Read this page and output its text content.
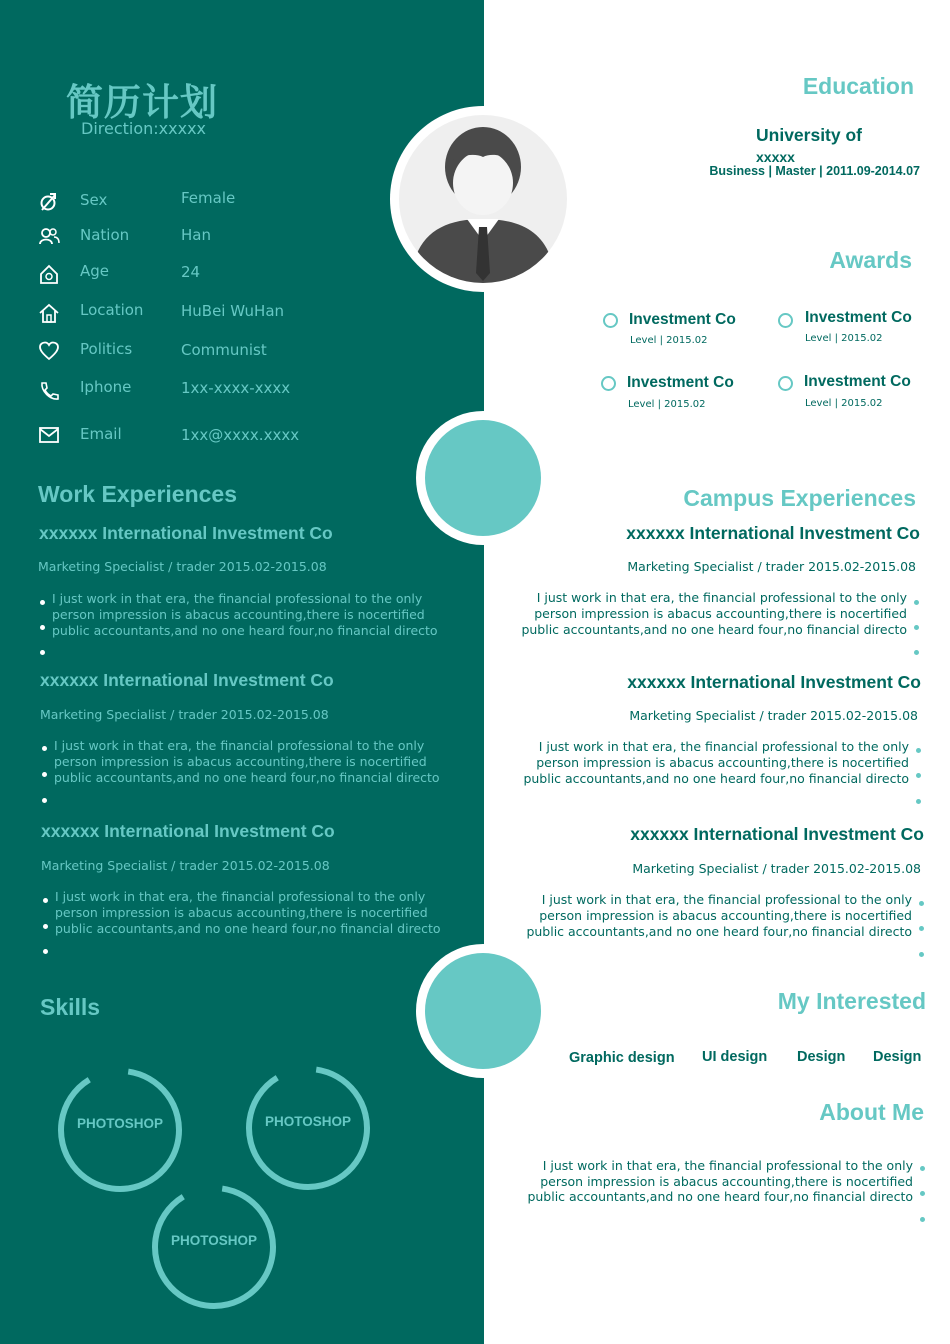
简历计划
Direction:xxxxx
Sex	Female
Nation	Han
Age	24
Location	HuBei WuHan
Politics	Communist
Iphone	1xx-xxxx-xxxx
Email	1xx@xxxx.xxxx
Work Experiences
xxxxxx International Investment Co
Marketing Specialist / trader 2015.02-2015.08
I just work in that era, the financial professional to the only
person impression is abacus accounting,there is nocertified
public accountants,and no one heard four,no financial directo
xxxxxx International Investment Co
Marketing Specialist / trader 2015.02-2015.08
I just work in that era, the financial professional to the only
person impression is abacus accounting,there is nocertified
public accountants,and no one heard four,no financial directo
xxxxxx International Investment Co
Marketing Specialist / trader 2015.02-2015.08
I just work in that era, the financial professional to the only
person impression is abacus accounting,there is nocertified
public accountants,and no one heard four,no financial directo
Skills
PHOTOSHOP	PHOTOSHOP
PHOTOSHOP
Education
University of
xxxxx
Business | Master | 2011.09-2014.07
Awards
Investment Co
Level | 2015.02
Investment Co
Level | 2015.02
Investment Co
Level | 2015.02
Investment Co
Level | 2015.02
Campus Experiences
xxxxxx International Investment Co
Marketing Specialist / trader 2015.02-2015.08
I just work in that era, the financial professional to the only
person impression is abacus accounting,there is nocertified
public accountants,and no one heard four,no financial directo
xxxxxx International Investment Co
Marketing Specialist / trader 2015.02-2015.08
I just work in that era, the financial professional to the only
person impression is abacus accounting,there is nocertified
public accountants,and no one heard four,no financial directo
xxxxxx International Investment Co
Marketing Specialist / trader 2015.02-2015.08
I just work in that era, the financial professional to the only
person impression is abacus accounting,there is nocertified
public accountants,and no one heard four,no financial directo
My Interested
Graphic design UI design Design Design
About Me
I just work in that era, the financial professional to the only
person impression is abacus accounting,there is nocertified
public accountants,and no one heard four,no financial directo
